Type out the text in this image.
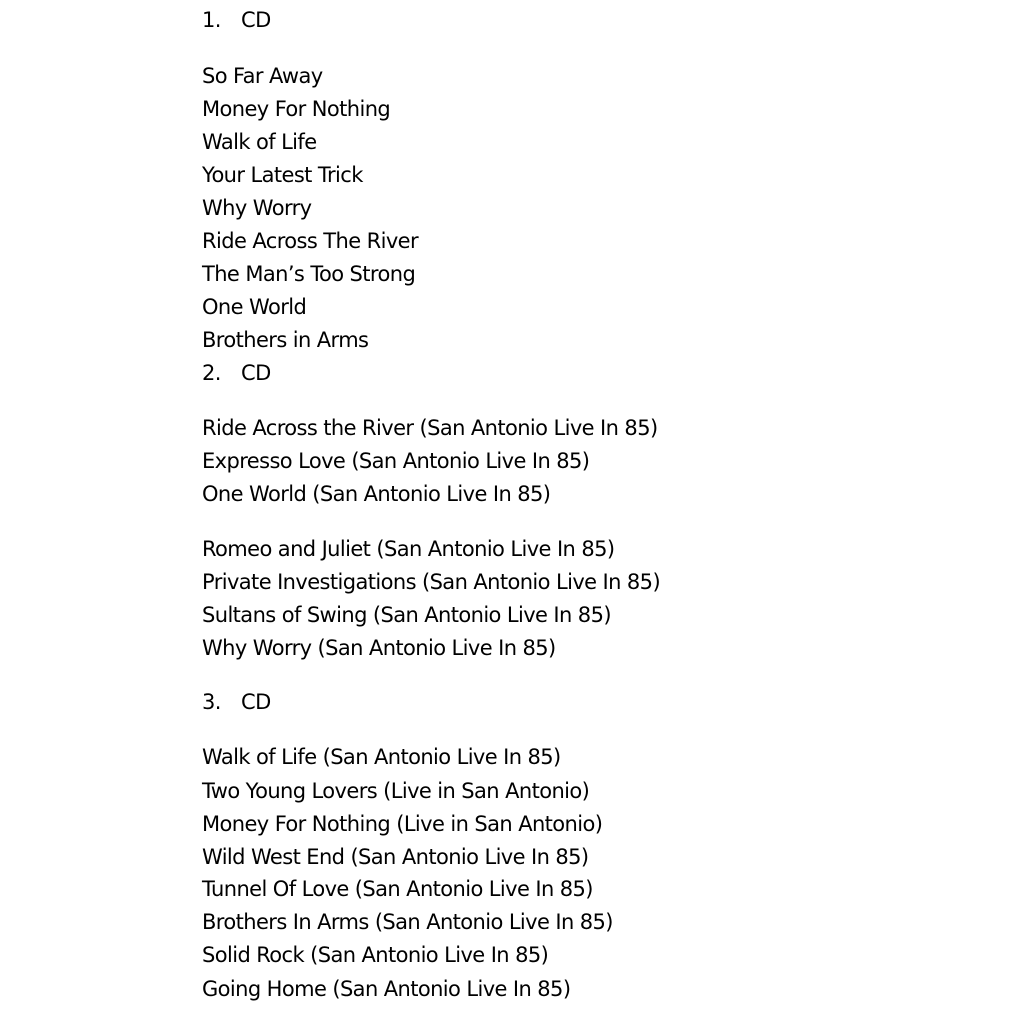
1. CD
So Far Away
Money For Nothing
Walk of Life
Your Latest Trick
Why Worry
Ride Across The River
The Man’s Too Strong
One World
Brothers in Arms
2. CD
Ride Across the River (San Antonio Live In 85)
Expresso Love (San Antonio Live In 85)
One World (San Antonio Live In 85)
Romeo and Juliet (San Antonio Live In 85)
Private Investigations (San Antonio Live In 85)
Sultans of Swing (San Antonio Live In 85)
Why Worry (San Antonio Live In 85)
3. CD
Walk of Life (San Antonio Live In 85)
Two Young Lovers (Live in San Antonio)
Money For Nothing (Live in San Antonio)
Wild West End (San Antonio Live In 85)
Tunnel Of Love (San Antonio Live In 85)
Brothers In Arms (San Antonio Live In 85)
Solid Rock (San Antonio Live In 85)
Going Home (San Antonio Live In 85)
